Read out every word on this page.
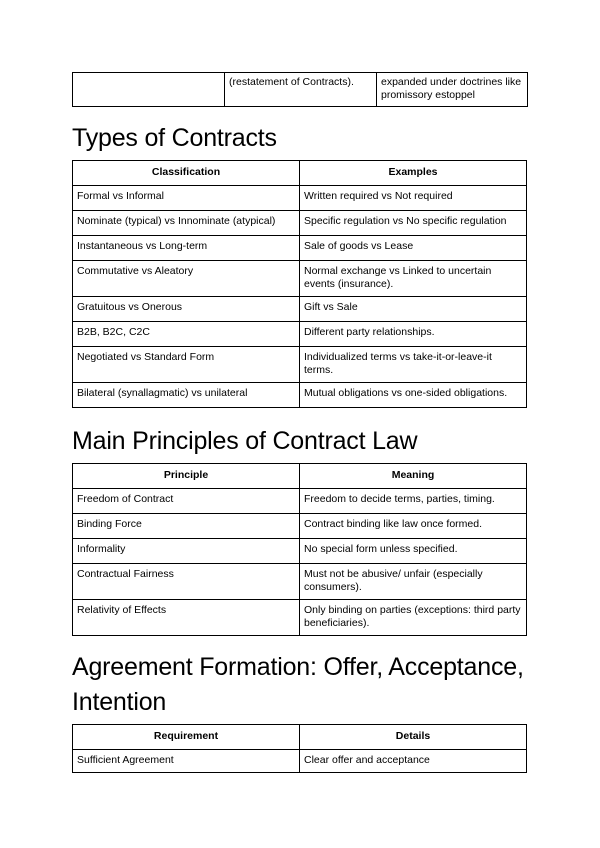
	(restatement of Contracts).	expanded under doctrines like promissory estoppel
Types of Contracts
Classification	Examples
Formal vs Informal	Written required vs Not required
Nominate (typical) vs Innominate (atypical)	Specific regulation vs No specific regulation
Instantaneous vs Long-term	Sale of goods vs Lease
Commutative vs Aleatory	Normal exchange vs Linked to uncertain events (insurance).
Gratuitous vs Onerous	Gift vs Sale
B2B, B2C, C2C	Different party relationships.
Negotiated vs Standard Form	Individualized terms vs take-it-or-leave-it terms.
Bilateral (synallagmatic) vs unilateral	Mutual obligations vs one-sided obligations.
Main Principles of Contract Law
Principle	Meaning
Freedom of Contract	Freedom to decide terms, parties, timing.
Binding Force	Contract binding like law once formed.
Informality	No special form unless specified.
Contractual Fairness	Must not be abusive/ unfair (especially consumers).
Relativity of Effects	Only binding on parties (exceptions: third party beneficiaries).
Agreement Formation: Offer, Acceptance, Intention
Requirement	Details
Sufficient Agreement	Clear offer and acceptance
